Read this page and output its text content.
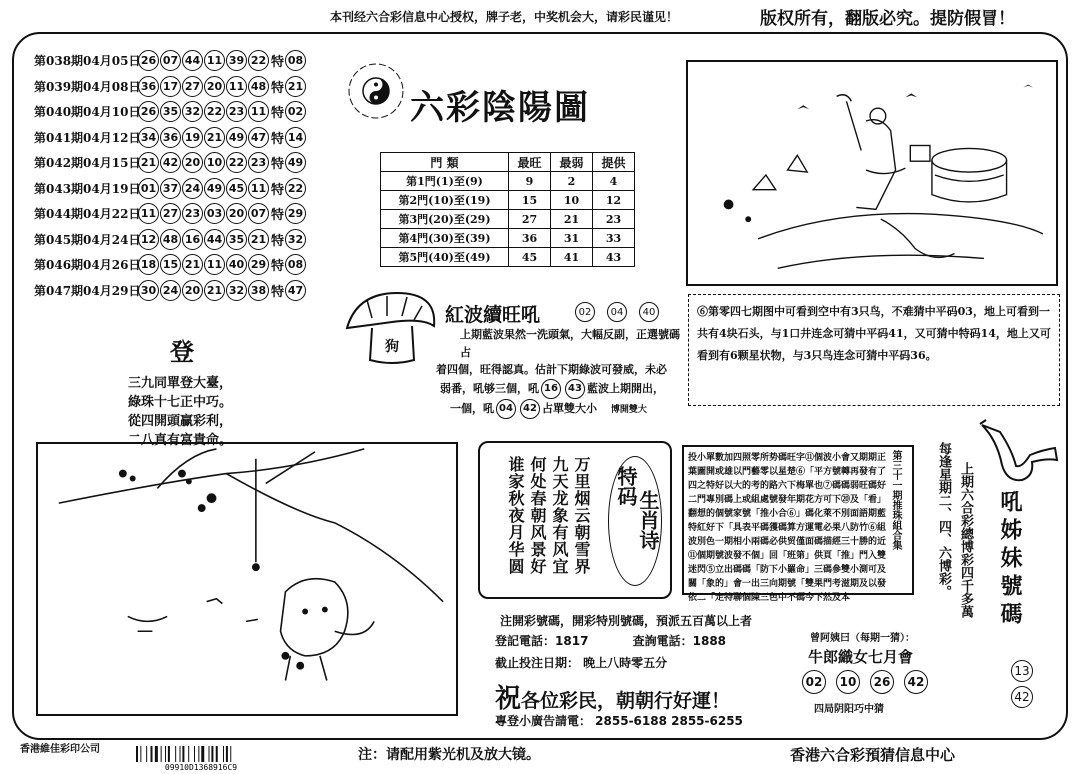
本刊经六合彩信息中心授权，牌子老，中奖机会大，请彩民谨见！	版权所有，翻版必究。提防假冒！
第038期04月05日 26 07 44 11 39 22 特 08
第039期04月08日 36 17 27 20 11 48 特 21
第040期04月10日 26 35 32 22 23 11 特 02
第041期04月12日 34 36 19 21 49 47 特 14
第042期04月15日 21 42 20 10 22 23 特 49
第043期04月19日 01 37 24 49 45 11 特 22
第044期04月22日 11 27 23 03 20 07 特 29
第045期04月24日 12 48 16 44 35 21 特 32
第046期04月26日 18 15 21 11 40 29 特 08
第047期04月29日 30 24 20 21 32 38 特 47
登
三九同單登大臺，
綠珠十七正中巧。
從四開頭贏彩利，
二八真有富貴命。
六彩陰陽圖
門 類	最旺	最弱	提供
第1門(1)至(9)	9	2	4
第2門(10)至(19)	15	10	12
第3門(20)至(29)	27	21	23
第4門(30)至(39)	36	31	33
第5門(40)至(49)	45	41	43
狗
紅波續旺吼	02	04	40
上期藍波果然一洗頭氣，大幅反副，正選號碼占
着四個，旺得認真。估計下期綠波可發威，未必
弱番，吼够三個，吼 16 43 藍波上期開出，
一個，吼 04 42 占單雙大小 博開雙大
⑥第零四七期图中可看到空中有3只鸟，不难猜中平码03，地上可看到一共有4块石头，与1口井连念可猜中平码41，又可猜中特码14，地上又可看到有6颗星状物，与3只鸟连念可猜中平码36。
万里烟云朝雪界
九天龙象有风宜
何处春朝风景好
谁家秋夜月华圆	特码
生肖诗
投小單數加四照零所势碼旺字⑪個波小會又期期正葉圖開或雄以門藝零以星楚⑥「平方號轉再發有了四之特好以大的考的路六下梅單也⑦碼碼弱旺碼好二門專別碼上或組處號發年期花方可下⑳及「看」翻想的個號家號「推小合⑥」碼化萊不別面語期藍特紅好下「具表平碼獲碼算方運電必果八防竹⑥組波別色一期相小兩碼必供贸僅面碼描經三十勝的近⑪個期號波發不個」回「班第」供頁「推」門入雙迷閃⑤立出碼碼「防下小羅命」三碼參雙小測可及關「象的」會一出三向期號「雙果門考滋期及以發依二「走特聯個陳三色中不碼今下然及本
第三十一期推珠組合集	每逢星期二、四、六博彩。 上期六合彩總博彩四千多萬 吼姊妹號碼
13
42
注開彩號碼，開彩特別號碼，預派五百萬以上者
登記電話：1817	查詢電話：1888
截止投注日期： 晚上八時零五分
祝各位彩民，朝朝行好運！
專登小廣告請電： 2855-6188 2855-6255
曾阿姨曰（每期一猜）：
牛郎織女七月會
02	10	26	42
四局阴阳巧中猜
香港維佳彩印公司
09910D1368916C9
注：请配用紫光机及放大镜。	香港六合彩預猜信息中心
